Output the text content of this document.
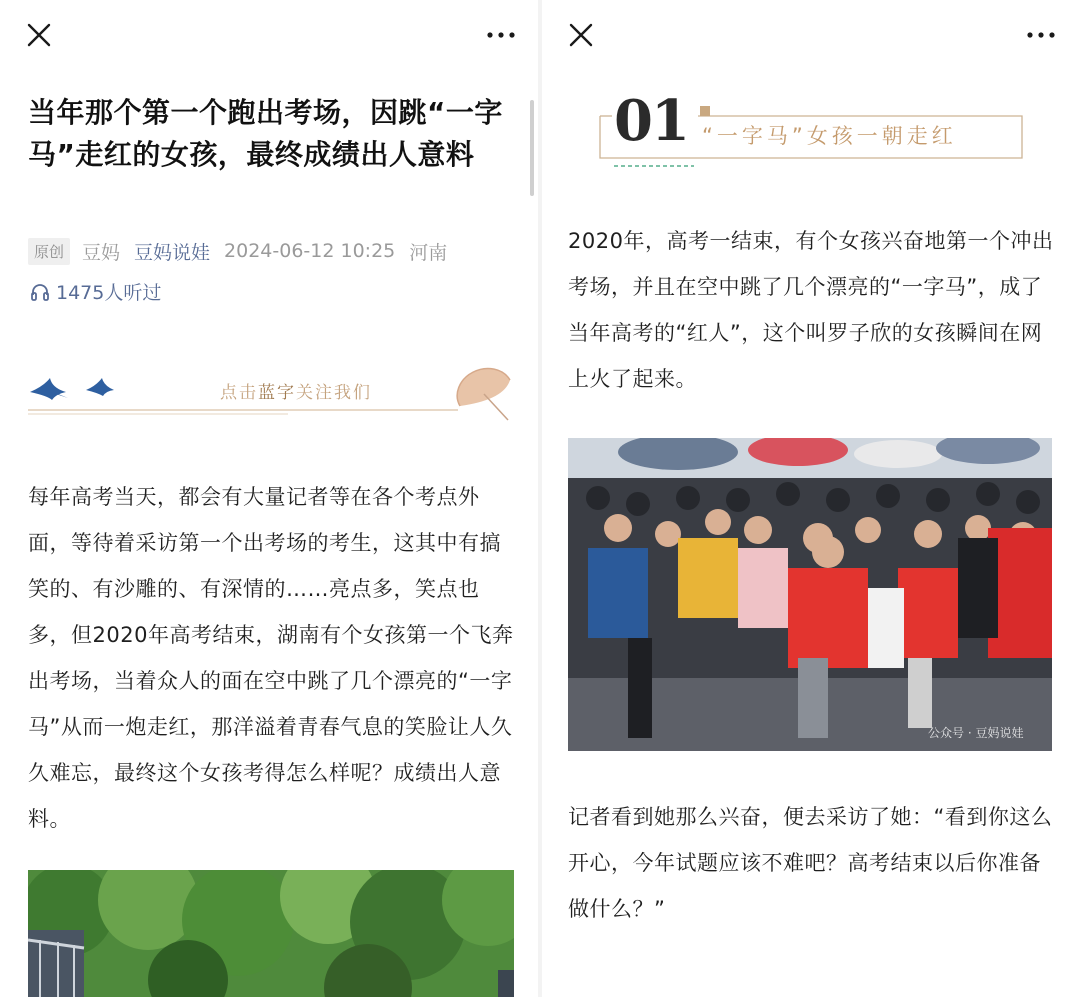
当年那个第一个跑出考场，因跳“一字马”走红的女孩，最终成绩出人意料
原创 豆妈 豆妈说娃 2024-06-12 10:25 河南
1475人听过
点击蓝字关注我们

每年高考当天，都会有大量记者等在各个考点外面，等待着采访第一个出考场的考生，这其中有搞笑的、有沙雕的、有深情的……亮点多，笑点也多，但2020年高考结束，湖南有个女孩第一个飞奔出考场，当着众人的面在空中跳了几个漂亮的“一字马”从而一炮走红，那洋溢着青春气息的笑脸让人久久难忘，最终这个女孩考得怎么样呢？成绩出人意料。

01 “一字马”女孩一朝走红

2020年，高考一结束，有个女孩兴奋地第一个冲出考场，并且在空中跳了几个漂亮的“一字马”，成了当年高考的“红人”，这个叫罗子欣的女孩瞬间在网上火了起来。

公众号 · 豆妈说娃

记者看到她那么兴奋，便去采访了她：“看到你这么开心，今年试题应该不难吧？高考结束以后你准备做什么？”
